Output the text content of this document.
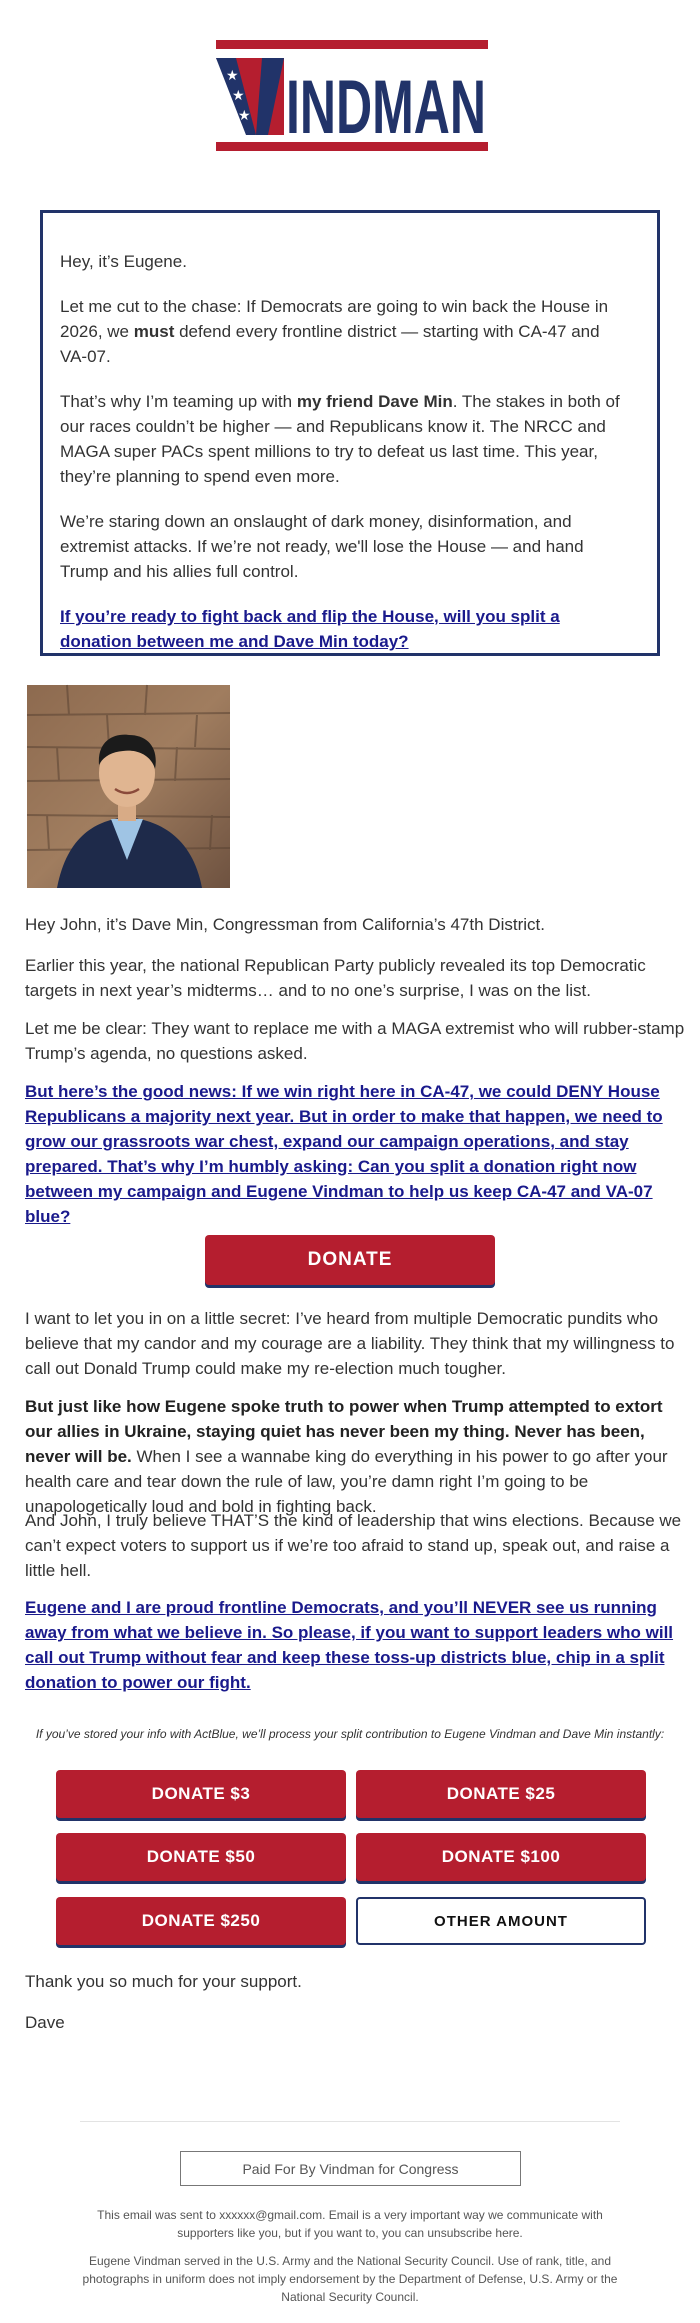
★
★
★ INDMAN

Hey, it’s Eugene.

Let me cut to the chase: If Democrats are going to win back the House in 2026, we must defend every frontline district — starting with CA-47 and VA-07.

That’s why I’m teaming up with my friend Dave Min. The stakes in both of our races couldn’t be higher — and Republicans know it. The NRCC and MAGA super PACs spent millions to try to defeat us last time. This year, they’re planning to spend even more.

We’re staring down an onslaught of dark money, disinformation, and extremist attacks. If we’re not ready, we'll lose the House — and hand Trump and his allies full control.

If you’re ready to fight back and flip the House, will you split a donation between me and Dave Min today?

Hey John, it’s Dave Min, Congressman from California’s 47th District.

Earlier this year, the national Republican Party publicly revealed its top Democratic targets in next year’s midterms… and to no one’s surprise, I was on the list.

Let me be clear: They want to replace me with a MAGA extremist who will rubber-stamp Trump’s agenda, no questions asked.

But here’s the good news: If we win right here in CA-47, we could DENY House Republicans a majority next year. But in order to make that happen, we need to grow our grassroots war chest, expand our campaign operations, and stay prepared. That’s why I’m humbly asking: Can you split a donation right now between my campaign and Eugene Vindman to help us keep CA-47 and VA-07 blue?

DONATE

I want to let you in on a little secret: I’ve heard from multiple Democratic pundits who believe that my candor and my courage are a liability. They think that my willingness to call out Donald Trump could make my re-election much tougher.

But just like how Eugene spoke truth to power when Trump attempted to extort our allies in Ukraine, staying quiet has never been my thing. Never has been, never will be. When I see a wannabe king do everything in his power to go after your health care and tear down the rule of law, you’re damn right I’m going to be unapologetically loud and bold in fighting back.

And John, I truly believe THAT’S the kind of leadership that wins elections. Because we can’t expect voters to support us if we’re too afraid to stand up, speak out, and raise a little hell.

Eugene and I are proud frontline Democrats, and you’ll NEVER see us running away from what we believe in. So please, if you want to support leaders who will call out Trump without fear and keep these toss-up districts blue, chip in a split donation to power our fight.

If you’ve stored your info with ActBlue, we’ll process your split contribution to Eugene Vindman and Dave Min instantly:
DONATE $3	DONATE $25
DONATE $50	DONATE $100
DONATE $250	OTHER AMOUNT

Thank you so much for your support.

Dave

Paid For By Vindman for Congress
This email was sent to xxxxxx@gmail.com. Email is a very important way we communicate with supporters like you, but if you want to, you can unsubscribe here.
Eugene Vindman served in the U.S. Army and the National Security Council. Use of rank, title, and photographs in uniform does not imply endorsement by the Department of Defense, U.S. Army or the National Security Council.
